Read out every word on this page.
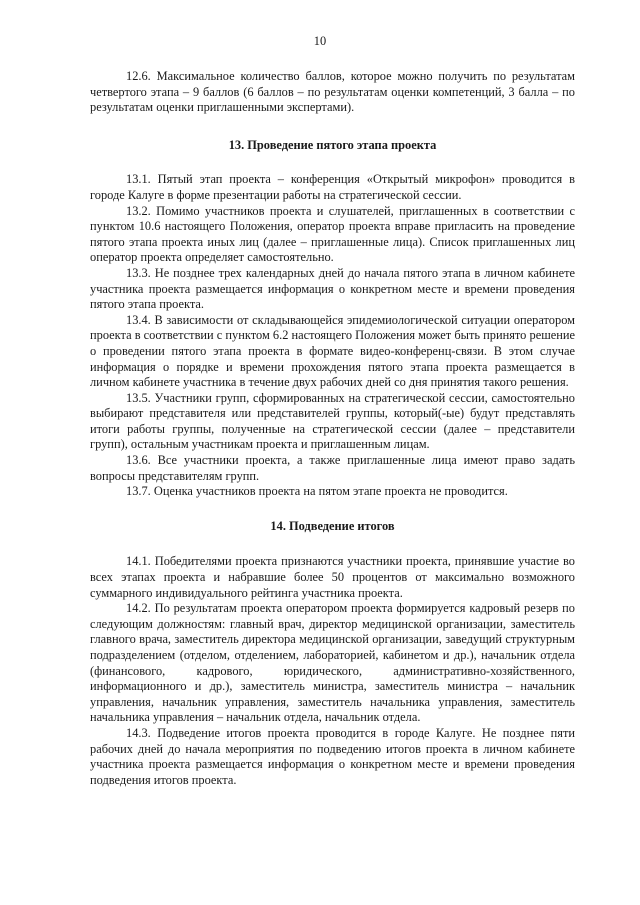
10

12.6. Максимальное количество баллов, которое можно получить по результатам четвертого этапа – 9 баллов (6 баллов – по результатам оценки компетенций, 3 балла – по результатам оценки приглашенными экспертами).

13. Проведение пятого этапа проекта

13.1. Пятый этап проекта – конференция «Открытый микрофон» проводится в городе Калуге в форме презентации работы на стратегической сессии.

13.2. Помимо участников проекта и слушателей, приглашенных в соответствии с пунктом 10.6 настоящего Положения, оператор проекта вправе пригласить на проведение пятого этапа проекта иных лиц (далее – приглашенные лица). Список приглашенных лиц оператор проекта определяет самостоятельно.

13.3. Не позднее трех календарных дней до начала пятого этапа в личном кабинете участника проекта размещается информация о конкретном месте и времени проведения пятого этапа проекта.

13.4. В зависимости от складывающейся эпидемиологической ситуации оператором проекта в соответствии с пунктом 6.2 настоящего Положения может быть принято решение о проведении пятого этапа проекта в формате видео-конференц-связи. В этом случае информация о порядке и времени прохождения пятого этапа проекта размещается в личном кабинете участника в течение двух рабочих дней со дня принятия такого решения.

13.5. Участники групп, сформированных на стратегической сессии, самостоятельно выбирают представителя или представителей группы, который(-ые) будут представлять итоги работы группы, полученные на стратегической сессии (далее – представители групп), остальным участникам проекта и приглашенным лицам.

13.6. Все участники проекта, а также приглашенные лица имеют право задать вопросы представителям групп.

13.7. Оценка участников проекта на пятом этапе проекта не проводится.

14. Подведение итогов

14.1. Победителями проекта признаются участники проекта, принявшие участие во всех этапах проекта и набравшие более 50 процентов от максимально возможного суммарного индивидуального рейтинга участника проекта.

14.2. По результатам проекта оператором проекта формируется кадровый резерв по следующим должностям: главный врач, директор медицинской организации, заместитель главного врача, заместитель директора медицинской организации, заведущий структурным подразделением (отделом, отделением, лабораторией, кабинетом и др.), начальник отдела (финансового, кадрового, юридического, административно-хозяйственного, информационного и др.), заместитель министра, заместитель министра – начальник управления, начальник управления, заместитель начальника управления, заместитель начальника управления – начальник отдела, начальник отдела.

14.3. Подведение итогов проекта проводится в городе Калуге. Не позднее пяти рабочих дней до начала мероприятия по подведению итогов проекта в личном кабинете участника проекта размещается информация о конкретном месте и времени проведения подведения итогов проекта.
